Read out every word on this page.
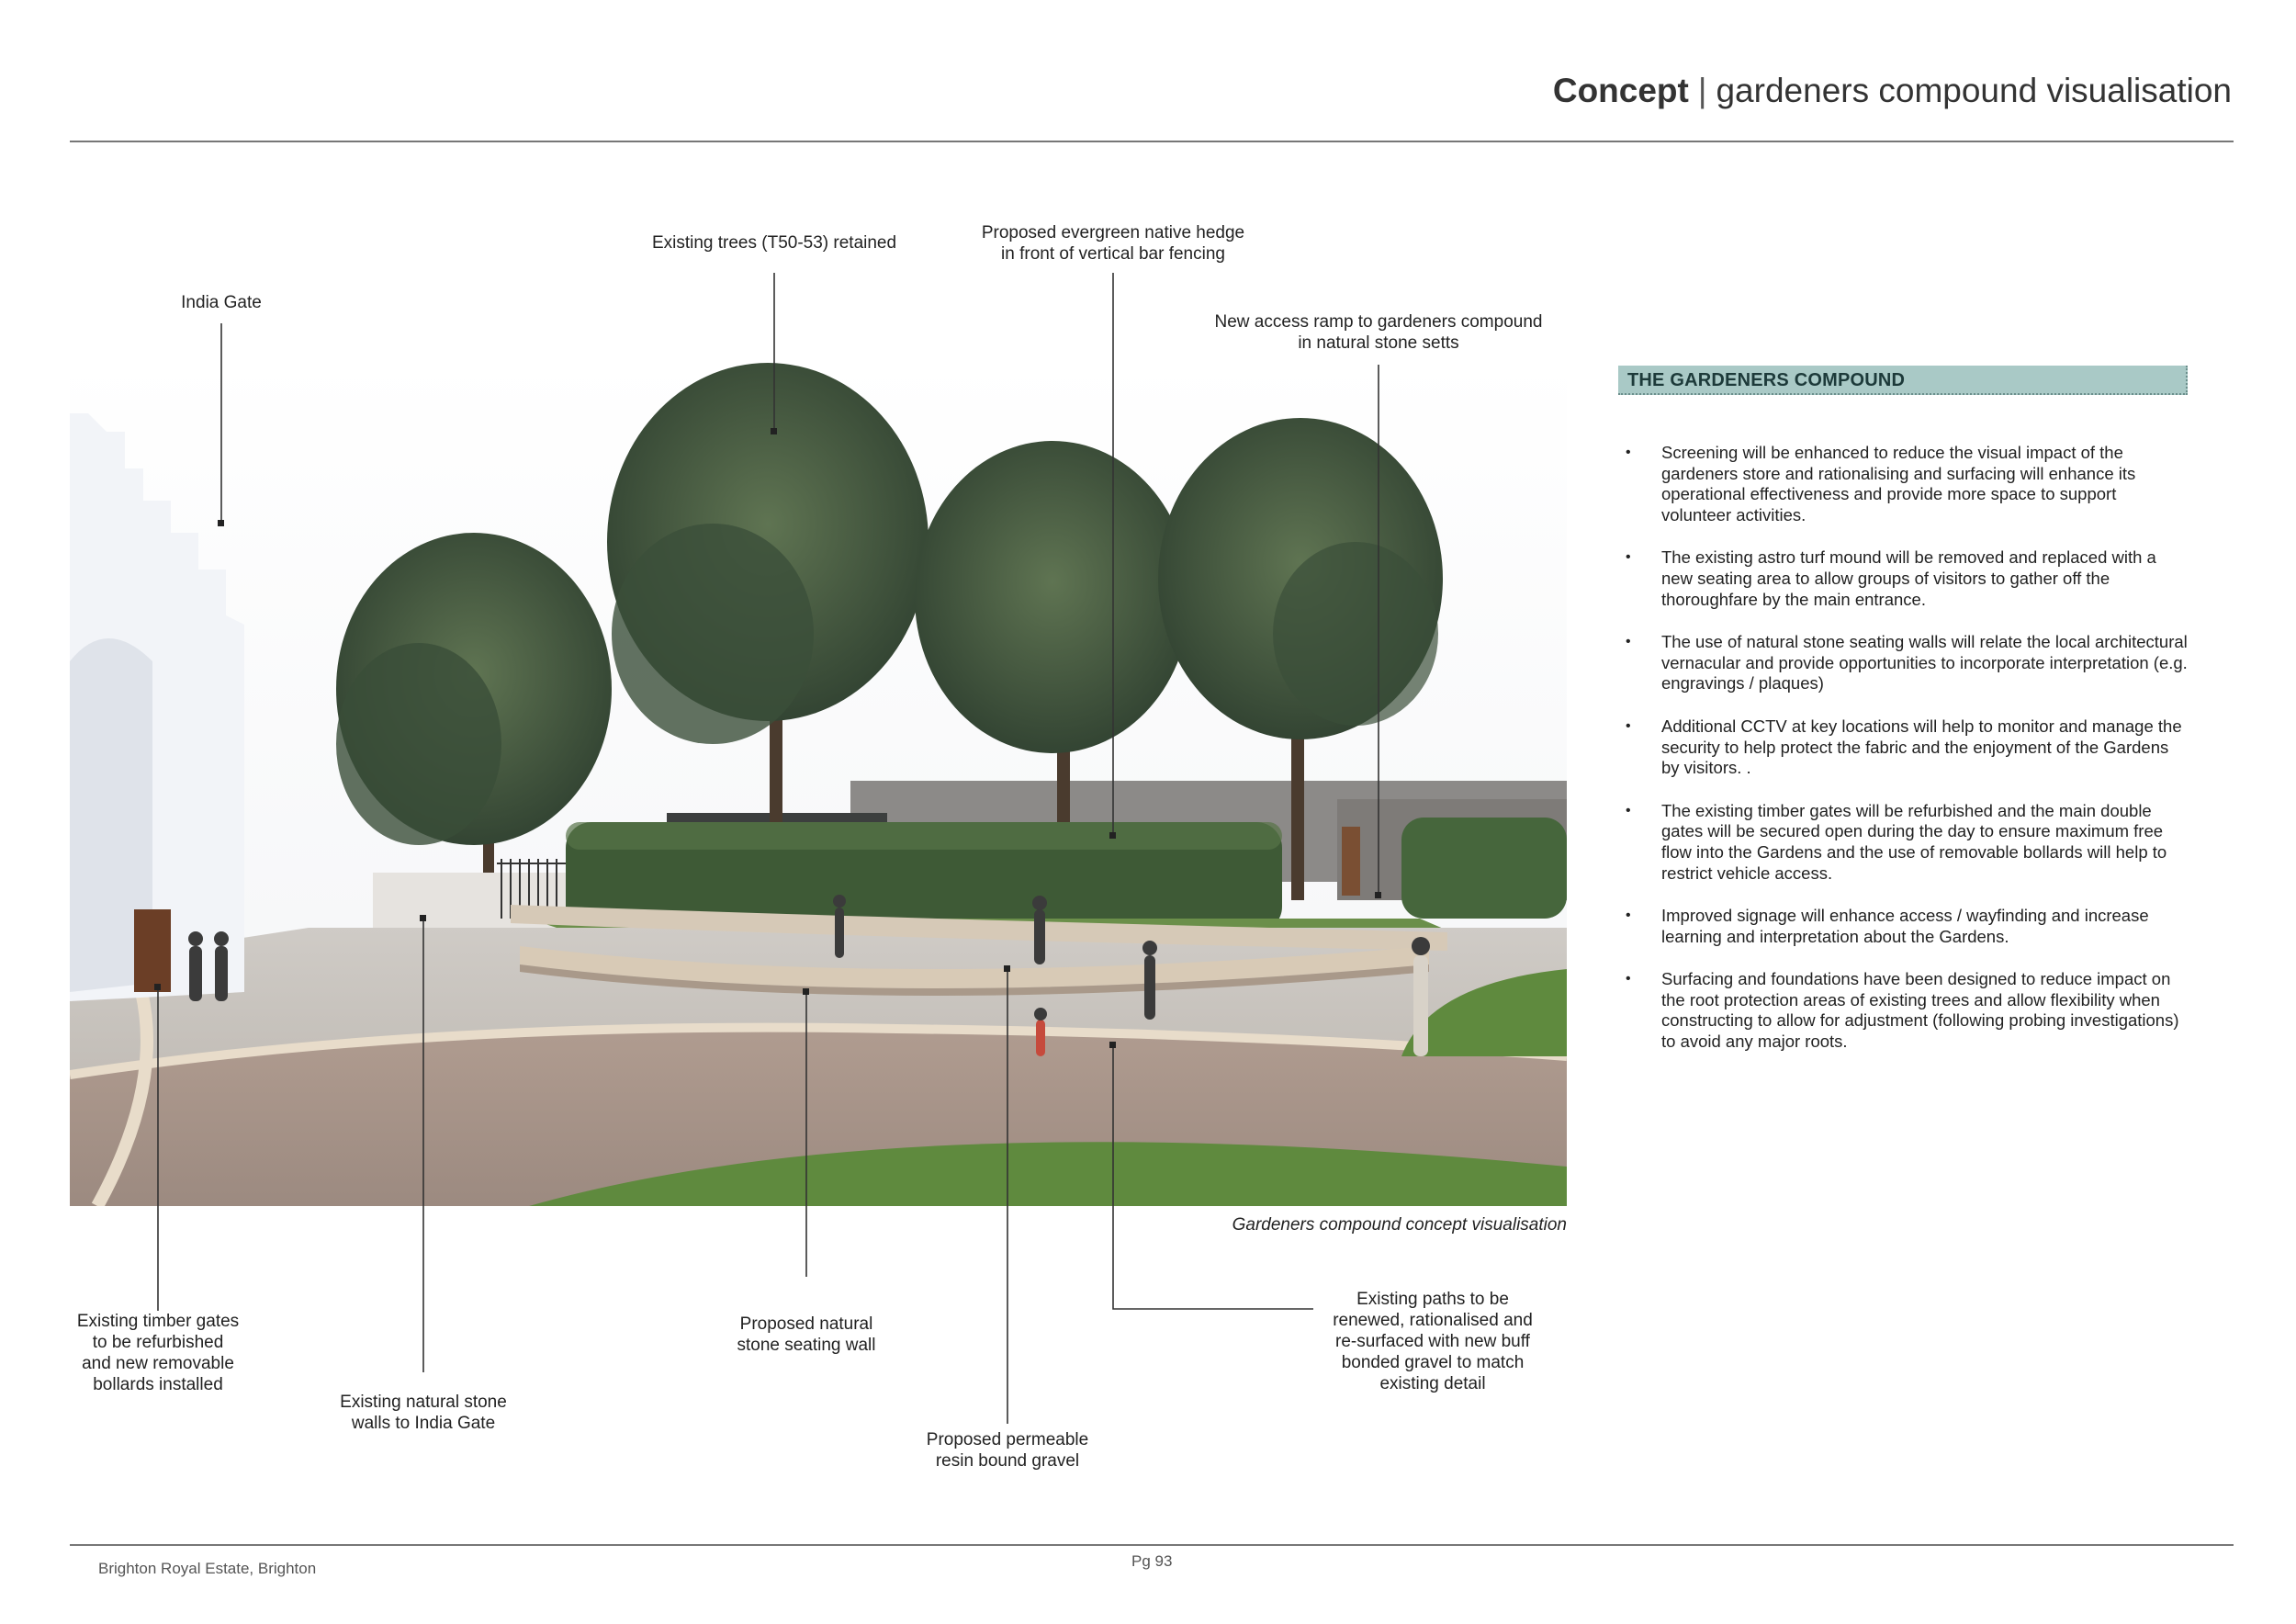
Concept | gardeners compound visualisation
Gardeners compound concept visualisation
India Gate
Existing trees (T50-53) retained
Proposed evergreen native hedge
in front of vertical bar fencing
New access ramp to gardeners compound
in natural stone setts
Existing timber gates
to be refurbished
and new removable
bollards installed
Existing natural stone
walls to India Gate
Proposed natural
stone seating wall
Proposed permeable
resin bound gravel
Existing paths to be
renewed, rationalised and
re-surfaced with new buff
bonded gravel to match
existing detail
THE GARDENERS COMPOUND
• Screening will be enhanced to reduce the visual impact of the gardeners store and rationalising and surfacing will enhance its operational effectiveness and provide more space to support volunteer activities.
• The existing astro turf mound will be removed and replaced with a new seating area to allow groups of visitors to gather off the thoroughfare by the main entrance.
• The use of natural stone seating walls will relate the local architectural vernacular and provide opportunities to incorporate interpretation (e.g. engravings / plaques)
• Additional CCTV at key locations will help to monitor and manage the security to help protect the fabric and the enjoyment of the Gardens by visitors. .
• The existing timber gates will be refurbished and the main double gates will be secured open during the day to ensure maximum free flow into the Gardens and the use of removable bollards will help to restrict vehicle access.
• Improved signage will enhance access / wayfinding and increase learning and interpretation about the Gardens.
• Surfacing and foundations have been designed to reduce impact on the root protection areas of existing trees and allow flexibility when constructing to allow for adjustment (following probing investigations) to avoid any major roots.
Brighton Royal Estate, Brighton	Pg 93
